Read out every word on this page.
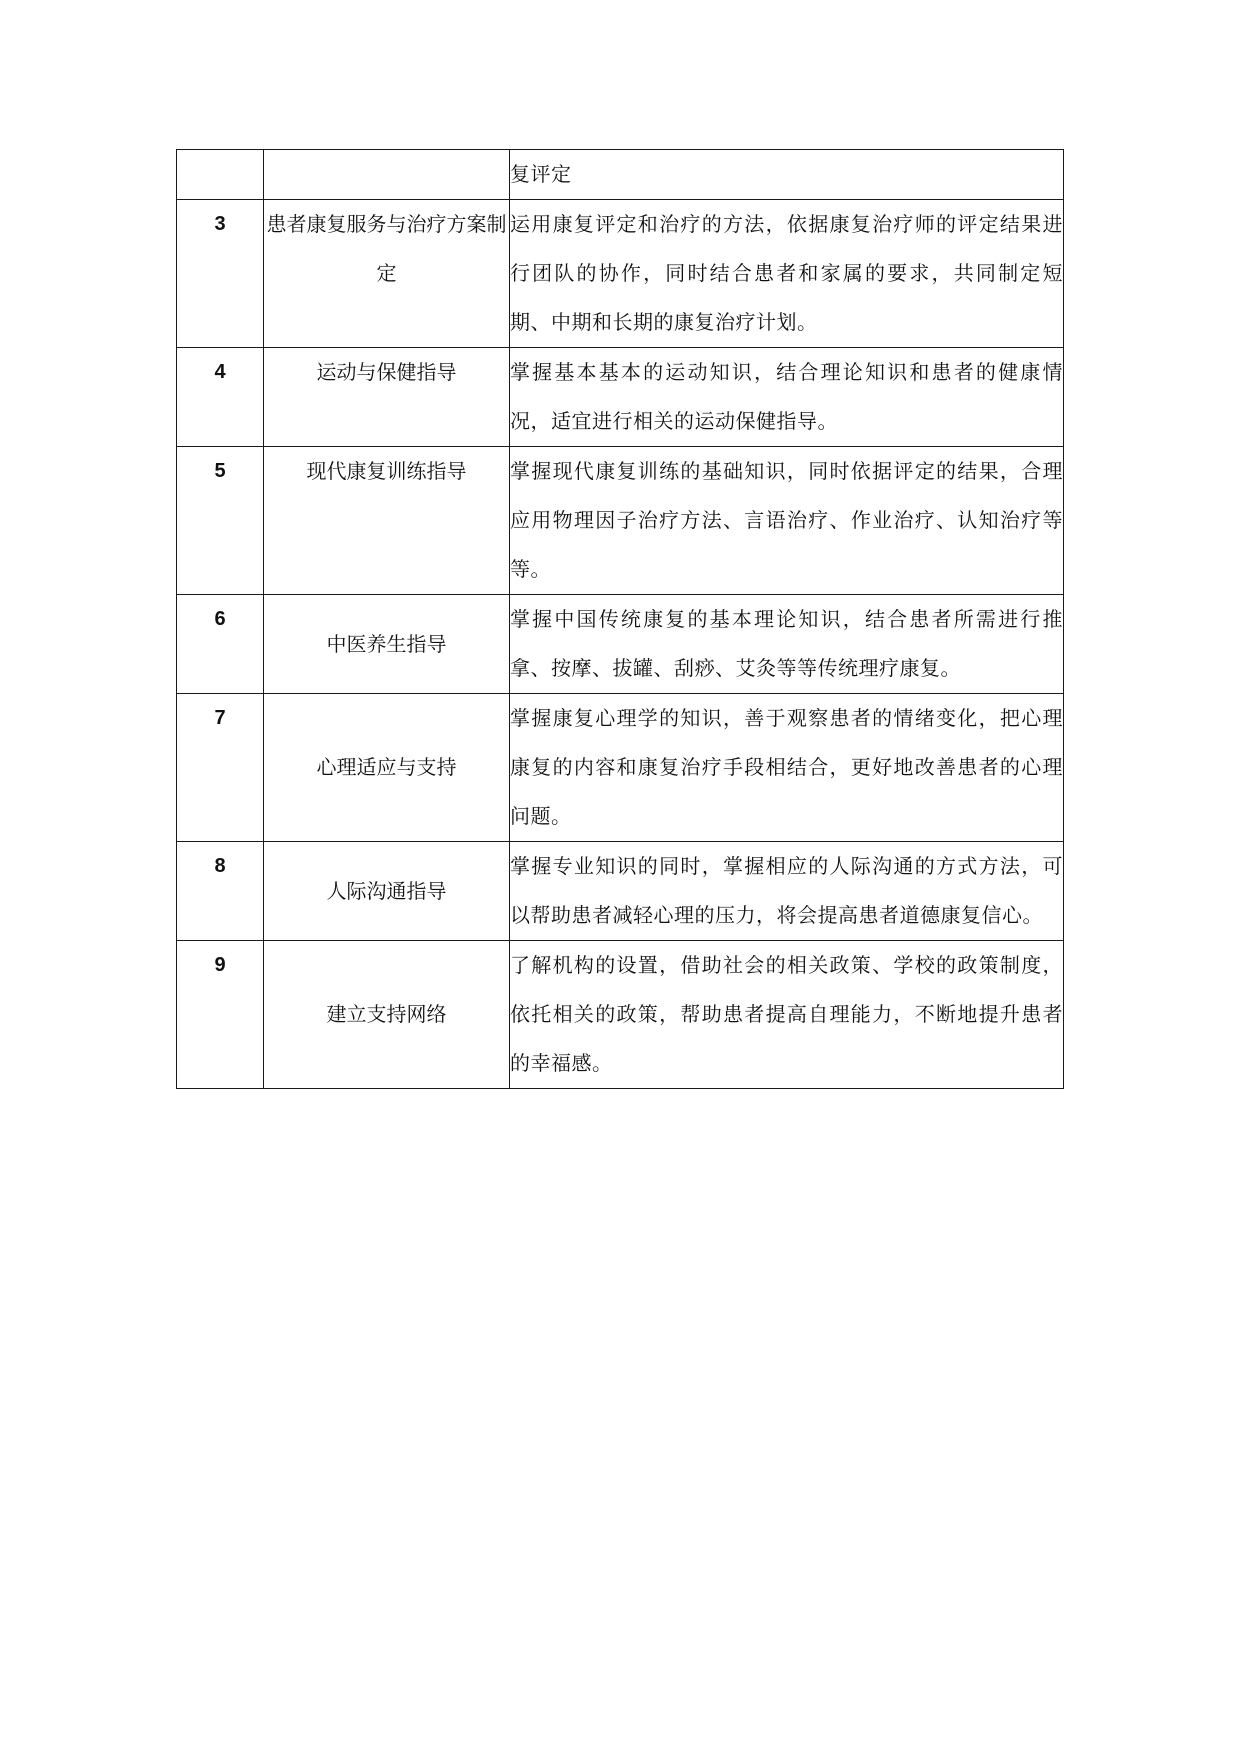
		复评定
3	患者康复服务与治疗方案制定	运用康复评定和治疗的方法，依据康复治疗师的评定结果进行团队的协作，同时结合患者和家属的要求，共同制定短期、中期和长期的康复治疗计划。
4	运动与保健指导	掌握基本基本的运动知识，结合理论知识和患者的健康情况，适宜进行相关的运动保健指导。
5	现代康复训练指导	掌握现代康复训练的基础知识，同时依据评定的结果，合理应用物理因子治疗方法、言语治疗、作业治疗、认知治疗等等。
6	中医养生指导	掌握中国传统康复的基本理论知识，结合患者所需进行推拿、按摩、拔罐、刮痧、艾灸等等传统理疗康复。
7	心理适应与支持	掌握康复心理学的知识，善于观察患者的情绪变化，把心理康复的内容和康复治疗手段相结合，更好地改善患者的心理问题。
8	人际沟通指导	掌握专业知识的同时，掌握相应的人际沟通的方式方法，可以帮助患者减轻心理的压力，将会提高患者道德康复信心。
9	建立支持网络	了解机构的设置，借助社会的相关政策、学校的政策制度，依托相关的政策，帮助患者提高自理能力，不断地提升患者的幸福感。
